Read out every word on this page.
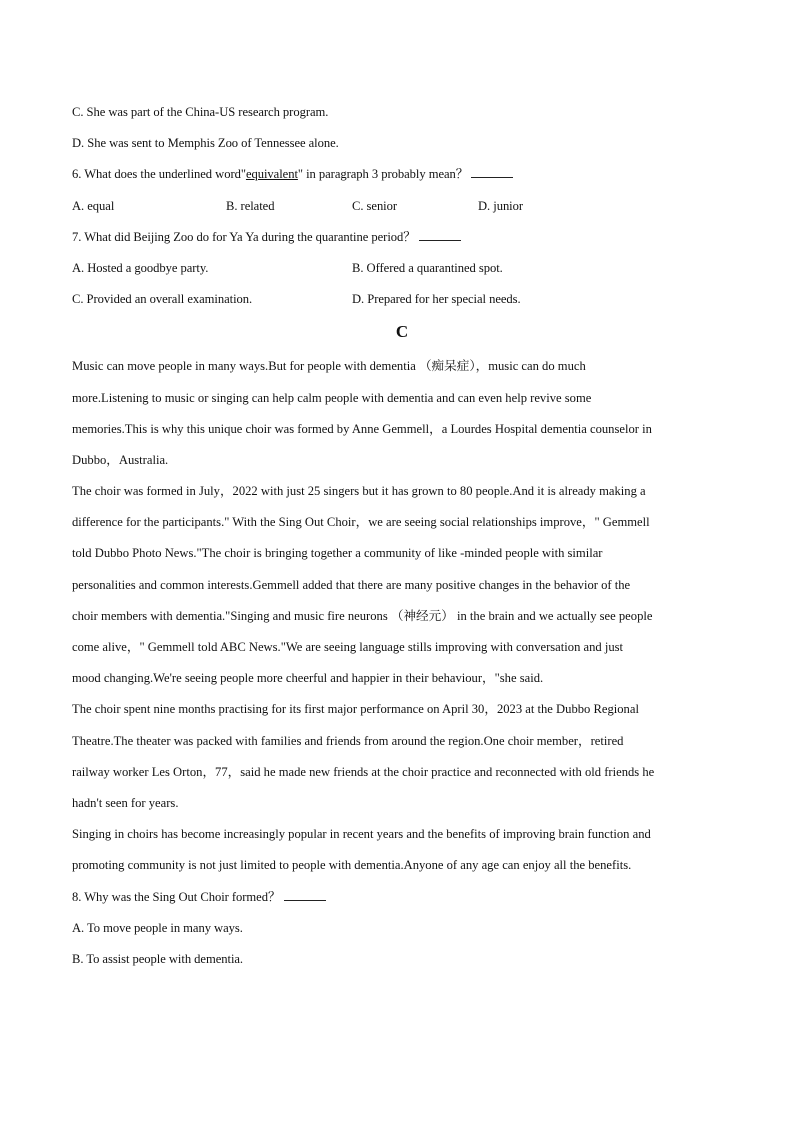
C. She was part of the China-US research program.
D. She was sent to Memphis Zoo of Tennessee alone.
6. What does the underlined word"equivalent" in paragraph 3 probably mean？
A. equal	B. related	C. senior	D. junior
7. What did Beijing Zoo do for Ya Ya during the quarantine period？
A. Hosted a goodbye party.	B. Offered a quarantined spot.
C. Provided an overall examination.	D. Prepared for her special needs.
C
Music can move people in many ways.But for people with dementia （痴呆症），music can do much
more.Listening to music or singing can help calm people with dementia and can even help revive some
memories.This is why this unique choir was formed by Anne Gemmell，a Lourdes Hospital dementia counselor in
Dubbo，Australia.
The choir was formed in July，2022 with just 25 singers but it has grown to 80 people.And it is already making a
difference for the participants." With the Sing Out Choir，we are seeing social relationships improve，" Gemmell
told Dubbo Photo News."The choir is bringing together a community of like -minded people with similar
personalities and common interests.Gemmell added that there are many positive changes in the behavior of the
choir members with dementia."Singing and music fire neurons （神经元） in the brain and we actually see people
come alive，" Gemmell told ABC News."We are seeing language stills improving with conversation and just
mood changing.We're seeing people more cheerful and happier in their behaviour，"she said.
The choir spent nine months practising for its first major performance on April 30，2023 at the Dubbo Regional
Theatre.The theater was packed with families and friends from around the region.One choir member，retired
railway worker Les Orton，77，said he made new friends at the choir practice and reconnected with old friends he
hadn't seen for years.
Singing in choirs has become increasingly popular in recent years and the benefits of improving brain function and
promoting community is not just limited to people with dementia.Anyone of any age can enjoy all the benefits.
8. Why was the Sing Out Choir formed？
A. To move people in many ways.
B. To assist people with dementia.
